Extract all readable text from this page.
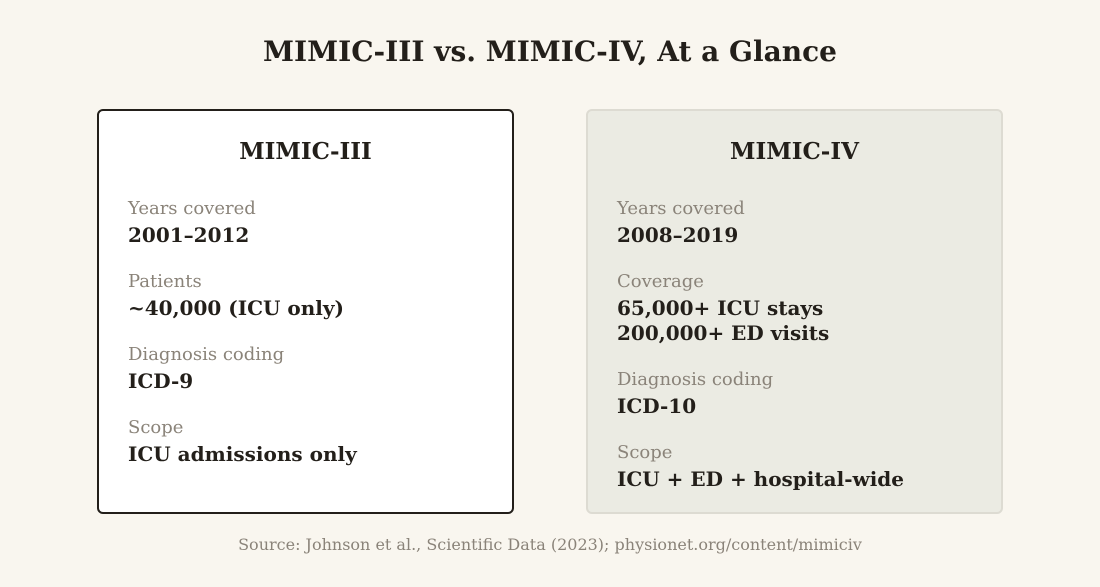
MIMIC-III vs. MIMIC-IV, At a Glance
MIMIC-III
Years covered
2001–2012
Patients
~40,000 (ICU only)
Diagnosis coding
ICD-9
Scope
ICU admissions only
MIMIC-IV
Years covered
2008–2019
Coverage
65,000+ ICU stays
200,000+ ED visits
Diagnosis coding
ICD-10
Scope
ICU + ED + hospital-wide
Source: Johnson et al., Scientific Data (2023); physionet.org/content/mimiciv
